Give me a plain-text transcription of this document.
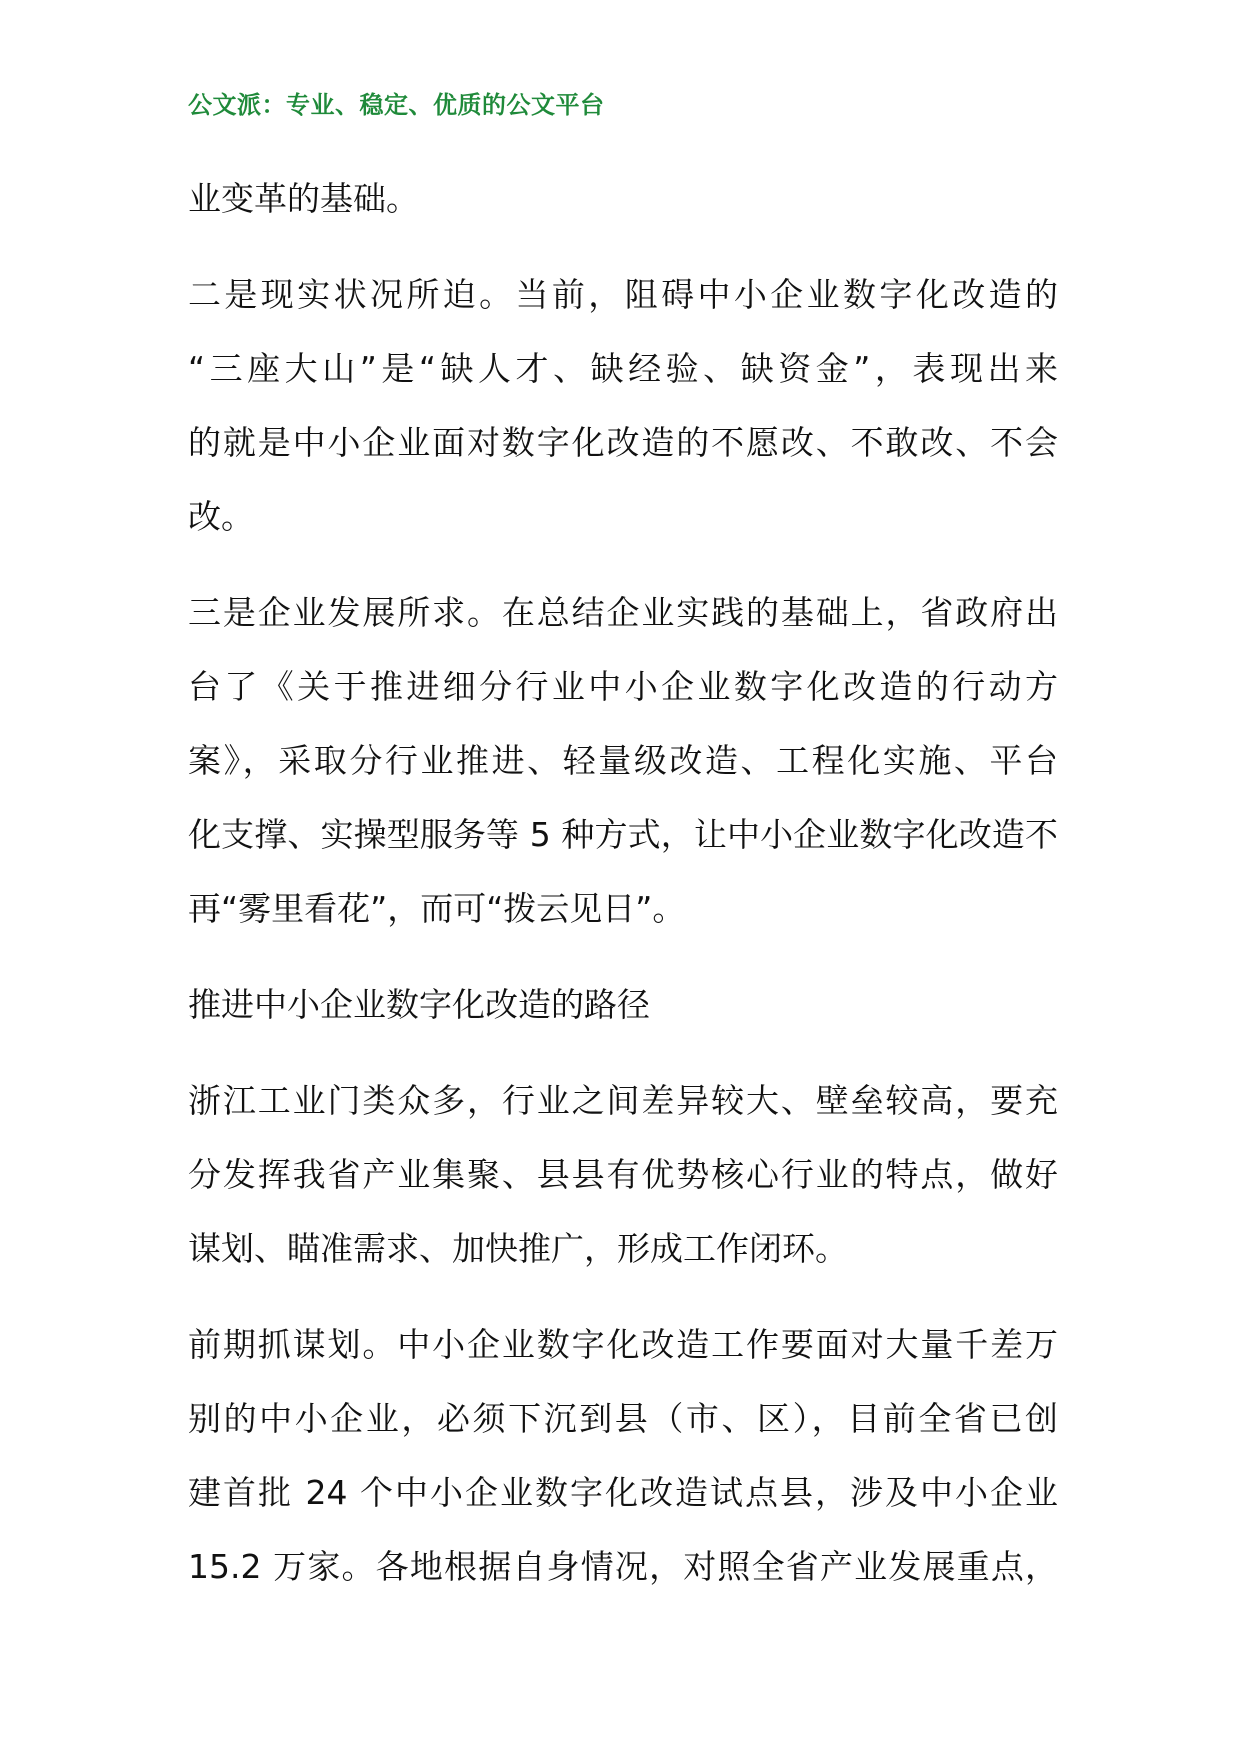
公文派：专业、稳定、优质的公文平台
业变革的基础。
二是现实状况所迫。当前，阻碍中小企业数字化改造的
“三座大山”是“缺人才、缺经验、缺资金”，表现出来
的就是中小企业面对数字化改造的不愿改、不敢改、不会
改。
三是企业发展所求。在总结企业实践的基础上，省政府出
台了《关于推进细分行业中小企业数字化改造的行动方
案》，采取分行业推进、轻量级改造、工程化实施、平台
化支撑、实操型服务等 5 种方式，让中小企业数字化改造不
再“雾里看花”，而可“拨云见日”。
推进中小企业数字化改造的路径
浙江工业门类众多，行业之间差异较大、壁垒较高，要充
分发挥我省产业集聚、县县有优势核心行业的特点，做好
谋划、瞄准需求、加快推广，形成工作闭环。
前期抓谋划。中小企业数字化改造工作要面对大量千差万
别的中小企业，必须下沉到县（市、区），目前全省已创
建首批 24 个中小企业数字化改造试点县，涉及中小企业
15.2 万家。各地根据自身情况，对照全省产业发展重点，
